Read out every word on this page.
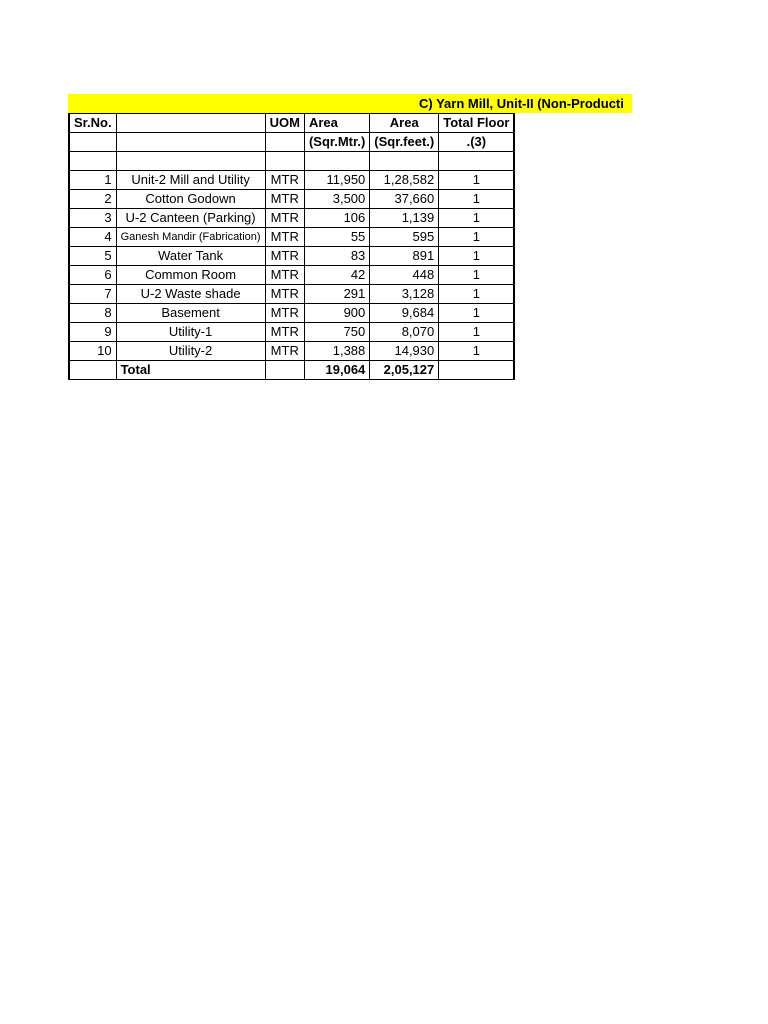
C) Yarn Mill, Unit-II (Non-Producti
Sr.No.		UOM	Area	Area	Total Floor
			(Sqr.Mtr.)	(Sqr.feet.)	.(3)

1	Unit-2 Mill and Utility	MTR	11,950	1,28,582	1
2	Cotton Godown	MTR	3,500	37,660	1
3	U-2 Canteen (Parking)	MTR	106	1,139	1
4	Ganesh Mandir (Fabrication)	MTR	55	595	1
5	Water Tank	MTR	83	891	1
6	Common Room	MTR	42	448	1
7	U-2 Waste shade	MTR	291	3,128	1
8	Basement	MTR	900	9,684	1
9	Utility-1	MTR	750	8,070	1
10	Utility-2	MTR	1,388	14,930	1
	Total		19,064	2,05,127	
